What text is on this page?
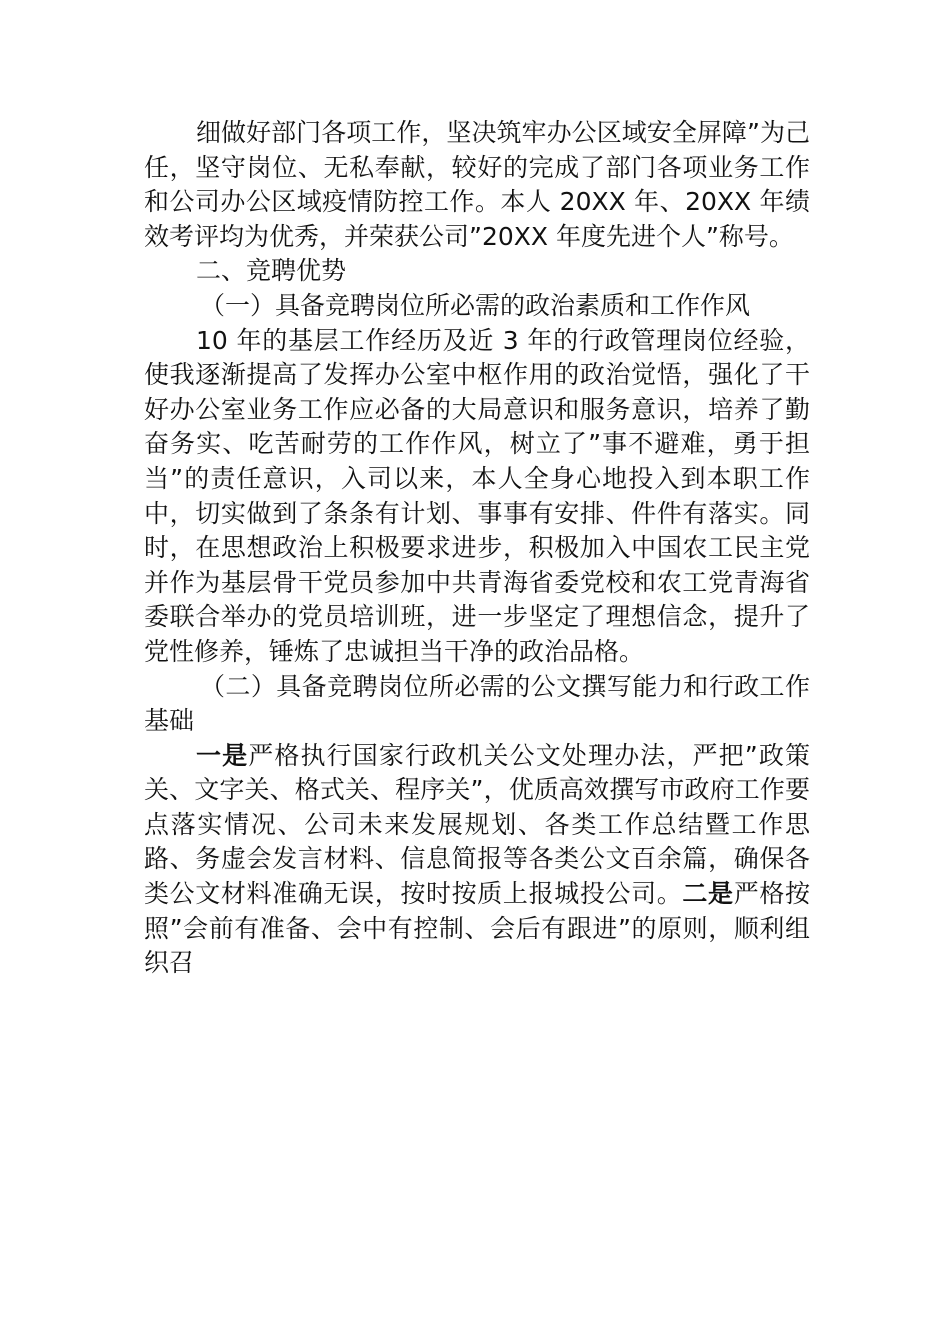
细做好部门各项工作，坚决筑牢办公区域安全屏障”为己任，坚守岗位、无私奉献，较好的完成了部门各项业务工作和公司办公区域疫情防控工作。本人 20XX 年、20XX 年绩效考评均为优秀，并荣获公司”20XX 年度先进个人”称号。

二、竞聘优势

（一）具备竞聘岗位所必需的政治素质和工作作风

10 年的基层工作经历及近 3 年的行政管理岗位经验，使我逐渐提高了发挥办公室中枢作用的政治觉悟，强化了干好办公室业务工作应必备的大局意识和服务意识，培养了勤奋务实、吃苦耐劳的工作作风，树立了”事不避难，勇于担当”的责任意识，入司以来，本人全身心地投入到本职工作中，切实做到了条条有计划、事事有安排、件件有落实。同时，在思想政治上积极要求进步，积极加入中国农工民主党并作为基层骨干党员参加中共青海省委党校和农工党青海省委联合举办的党员培训班，进一步坚定了理想信念，提升了党性修养，锤炼了忠诚担当干净的政治品格。

（二）具备竞聘岗位所必需的公文撰写能力和行政工作基础

一是严格执行国家行政机关公文处理办法，严把”政策关、文字关、格式关、程序关”，优质高效撰写市政府工作要点落实情况、公司未来发展规划、各类工作总结暨工作思路、务虚会发言材料、信息简报等各类公文百余篇，确保各类公文材料准确无误，按时按质上报城投公司。二是严格按照”会前有准备、会中有控制、会后有跟进”的原则，顺利组织召
